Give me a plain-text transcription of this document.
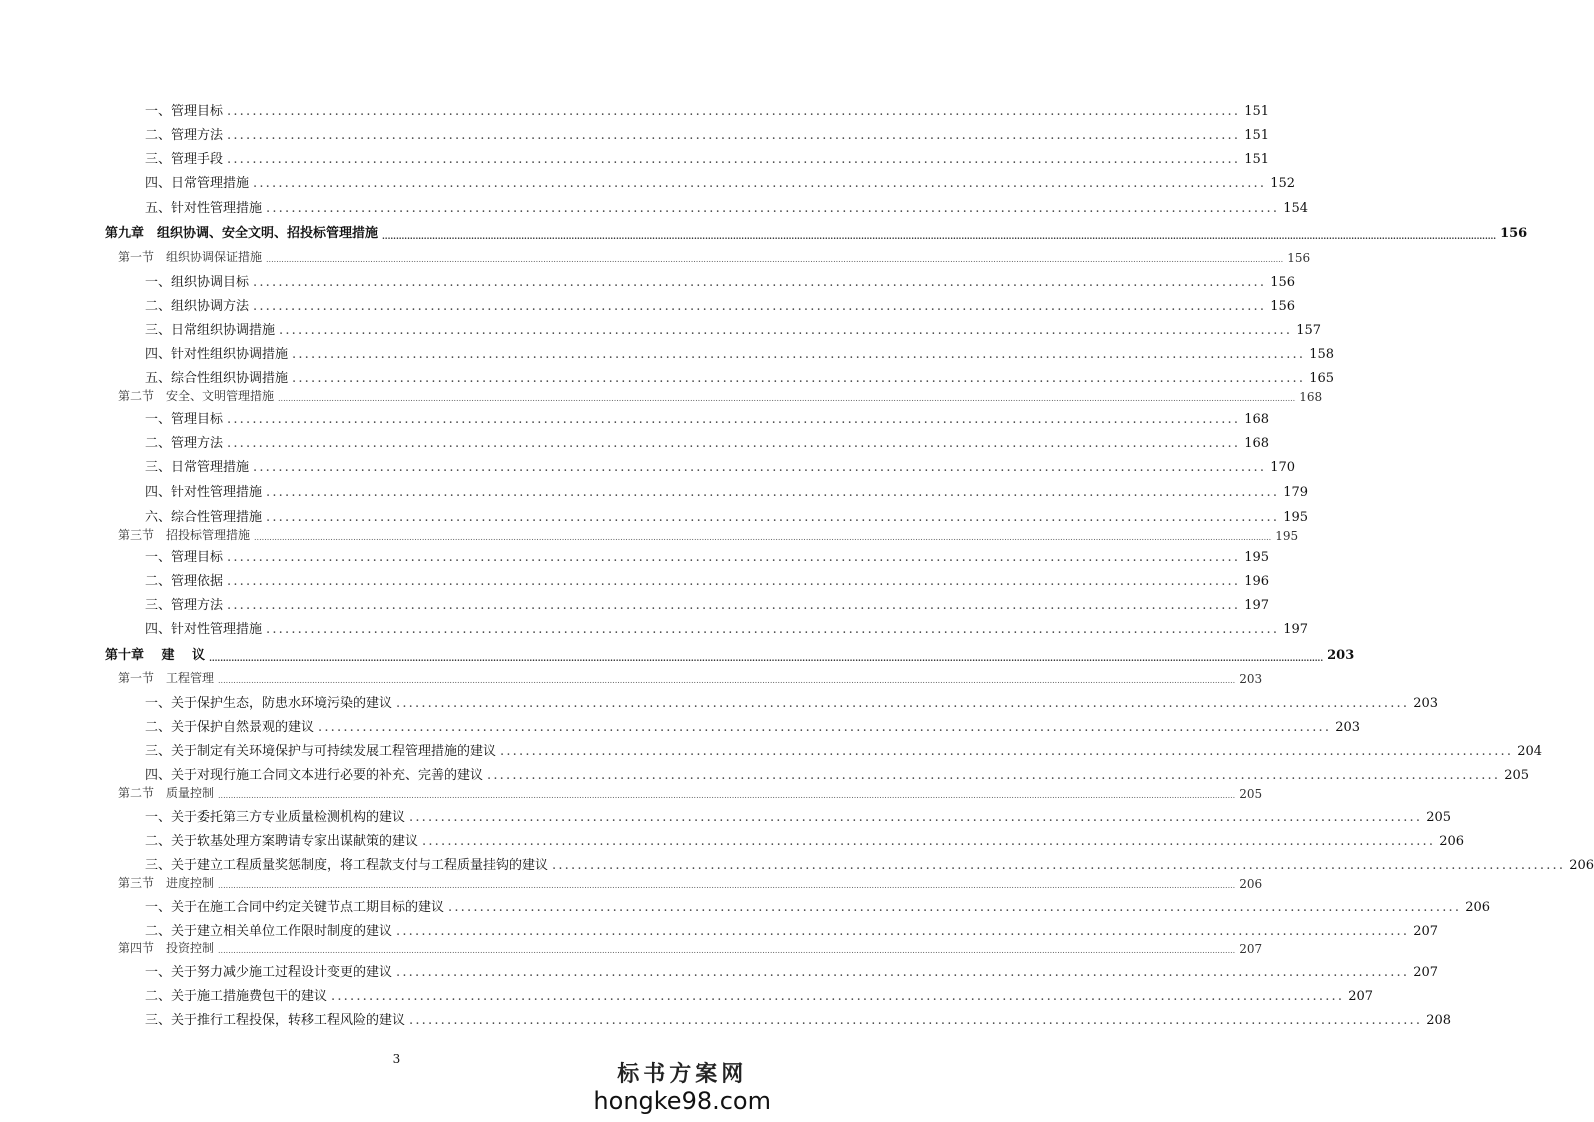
一、管理目标 ................................................................................................................................................................ 151
二、管理方法 ................................................................................................................................................................ 151
三、管理手段 ................................................................................................................................................................ 151
四、日常管理措施 ................................................................................................................................................................ 152
五、针对性管理措施 ................................................................................................................................................................ 154
第九章　组织协调、安全文明、招投标管理措施 ................................................................................................................................................................................................................................................................................................................................................................................................................ 156
第一节　组织协调保证措施 ................................................................................................................................................................................................................................................................................................................................................................................................................ 156
一、组织协调目标 ................................................................................................................................................................ 156
二、组织协调方法 ................................................................................................................................................................ 156
三、日常组织协调措施 ................................................................................................................................................................ 157
四、针对性组织协调措施 ................................................................................................................................................................ 158
五、综合性组织协调措施 ................................................................................................................................................................ 165
第二节　安全、文明管理措施 ................................................................................................................................................................................................................................................................................................................................................................................................................ 168
一、管理目标 ................................................................................................................................................................ 168
二、管理方法 ................................................................................................................................................................ 168
三、日常管理措施 ................................................................................................................................................................ 170
四、针对性管理措施 ................................................................................................................................................................ 179
六、综合性管理措施 ................................................................................................................................................................ 195
第三节　招投标管理措施 ................................................................................................................................................................................................................................................................................................................................................................................................................ 195
一、管理目标 ................................................................................................................................................................ 195
二、管理依据 ................................................................................................................................................................ 196
三、管理方法 ................................................................................................................................................................ 197
四、针对性管理措施 ................................................................................................................................................................ 197
第十章　 建　 议 ................................................................................................................................................................................................................................................................................................................................................................................................................ 203
第一节　工程管理 ................................................................................................................................................................................................................................................................................................................................................................................................................ 203
一、关于保护生态，防患水环境污染的建议 ................................................................................................................................................................ 203
二、关于保护自然景观的建议 ................................................................................................................................................................ 203
三、关于制定有关环境保护与可持续发展工程管理措施的建议 ................................................................................................................................................................ 204
四、关于对现行施工合同文本进行必要的补充、完善的建议 ................................................................................................................................................................ 205
第二节　质量控制 ................................................................................................................................................................................................................................................................................................................................................................................................................ 205
一、关于委托第三方专业质量检测机构的建议 ................................................................................................................................................................ 205
二、关于软基处理方案聘请专家出谋献策的建议 ................................................................................................................................................................ 206
三、关于建立工程质量奖惩制度，将工程款支付与工程质量挂钩的建议 ................................................................................................................................................................ 206
第三节　进度控制 ................................................................................................................................................................................................................................................................................................................................................................................................................ 206
一、关于在施工合同中约定关键节点工期目标的建议 ................................................................................................................................................................ 206
二、关于建立相关单位工作限时制度的建议 ................................................................................................................................................................ 207
第四节　投资控制 ................................................................................................................................................................................................................................................................................................................................................................................................................ 207
一、关于努力减少施工过程设计变更的建议 ................................................................................................................................................................ 207
二、关于施工措施费包干的建议 ................................................................................................................................................................ 207
三、关于推行工程投保，转移工程风险的建议 ................................................................................................................................................................ 208
3
标书方案网
hongke98.com
